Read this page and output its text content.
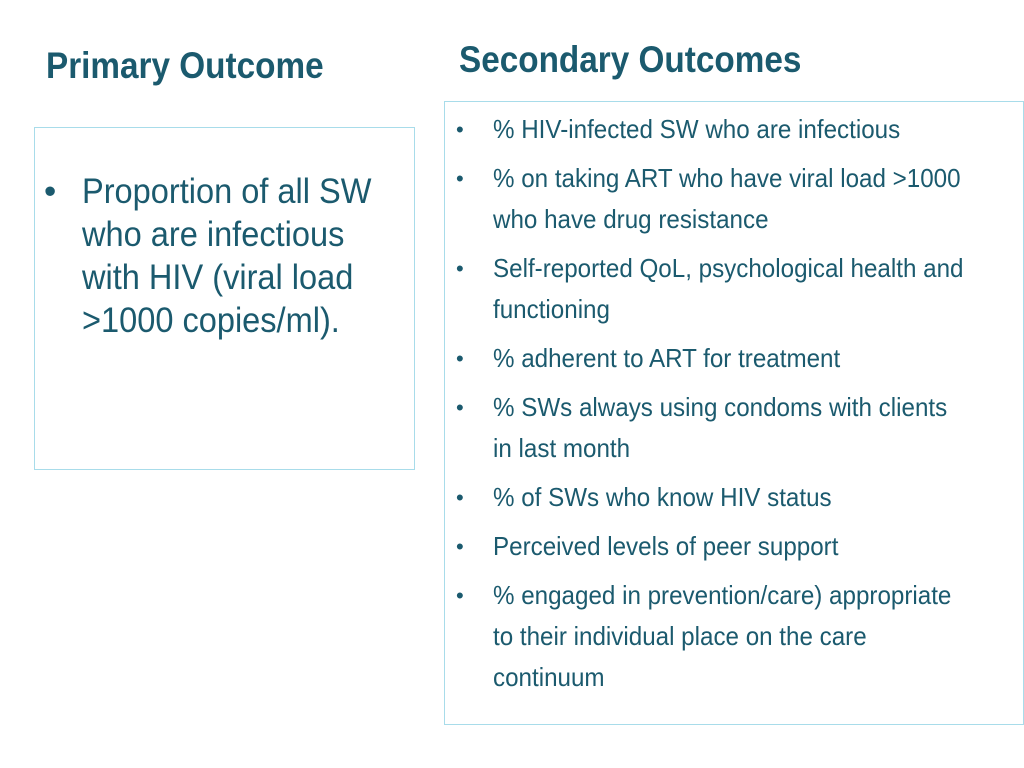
Primary Outcome	Secondary Outcomes
• Proportion of all SW who are infectious with HIV (viral load >1000 copies/ml).
• % HIV-infected SW who are infectious
• % on taking ART who have viral load >1000 who have drug resistance
• Self-reported QoL, psychological health and functioning
• % adherent to ART for treatment
• % SWs always using condoms with clients in last month
• % of SWs who know HIV status
• Perceived levels of peer support
• % engaged in prevention/care) appropriate to their individual place on the care continuum
